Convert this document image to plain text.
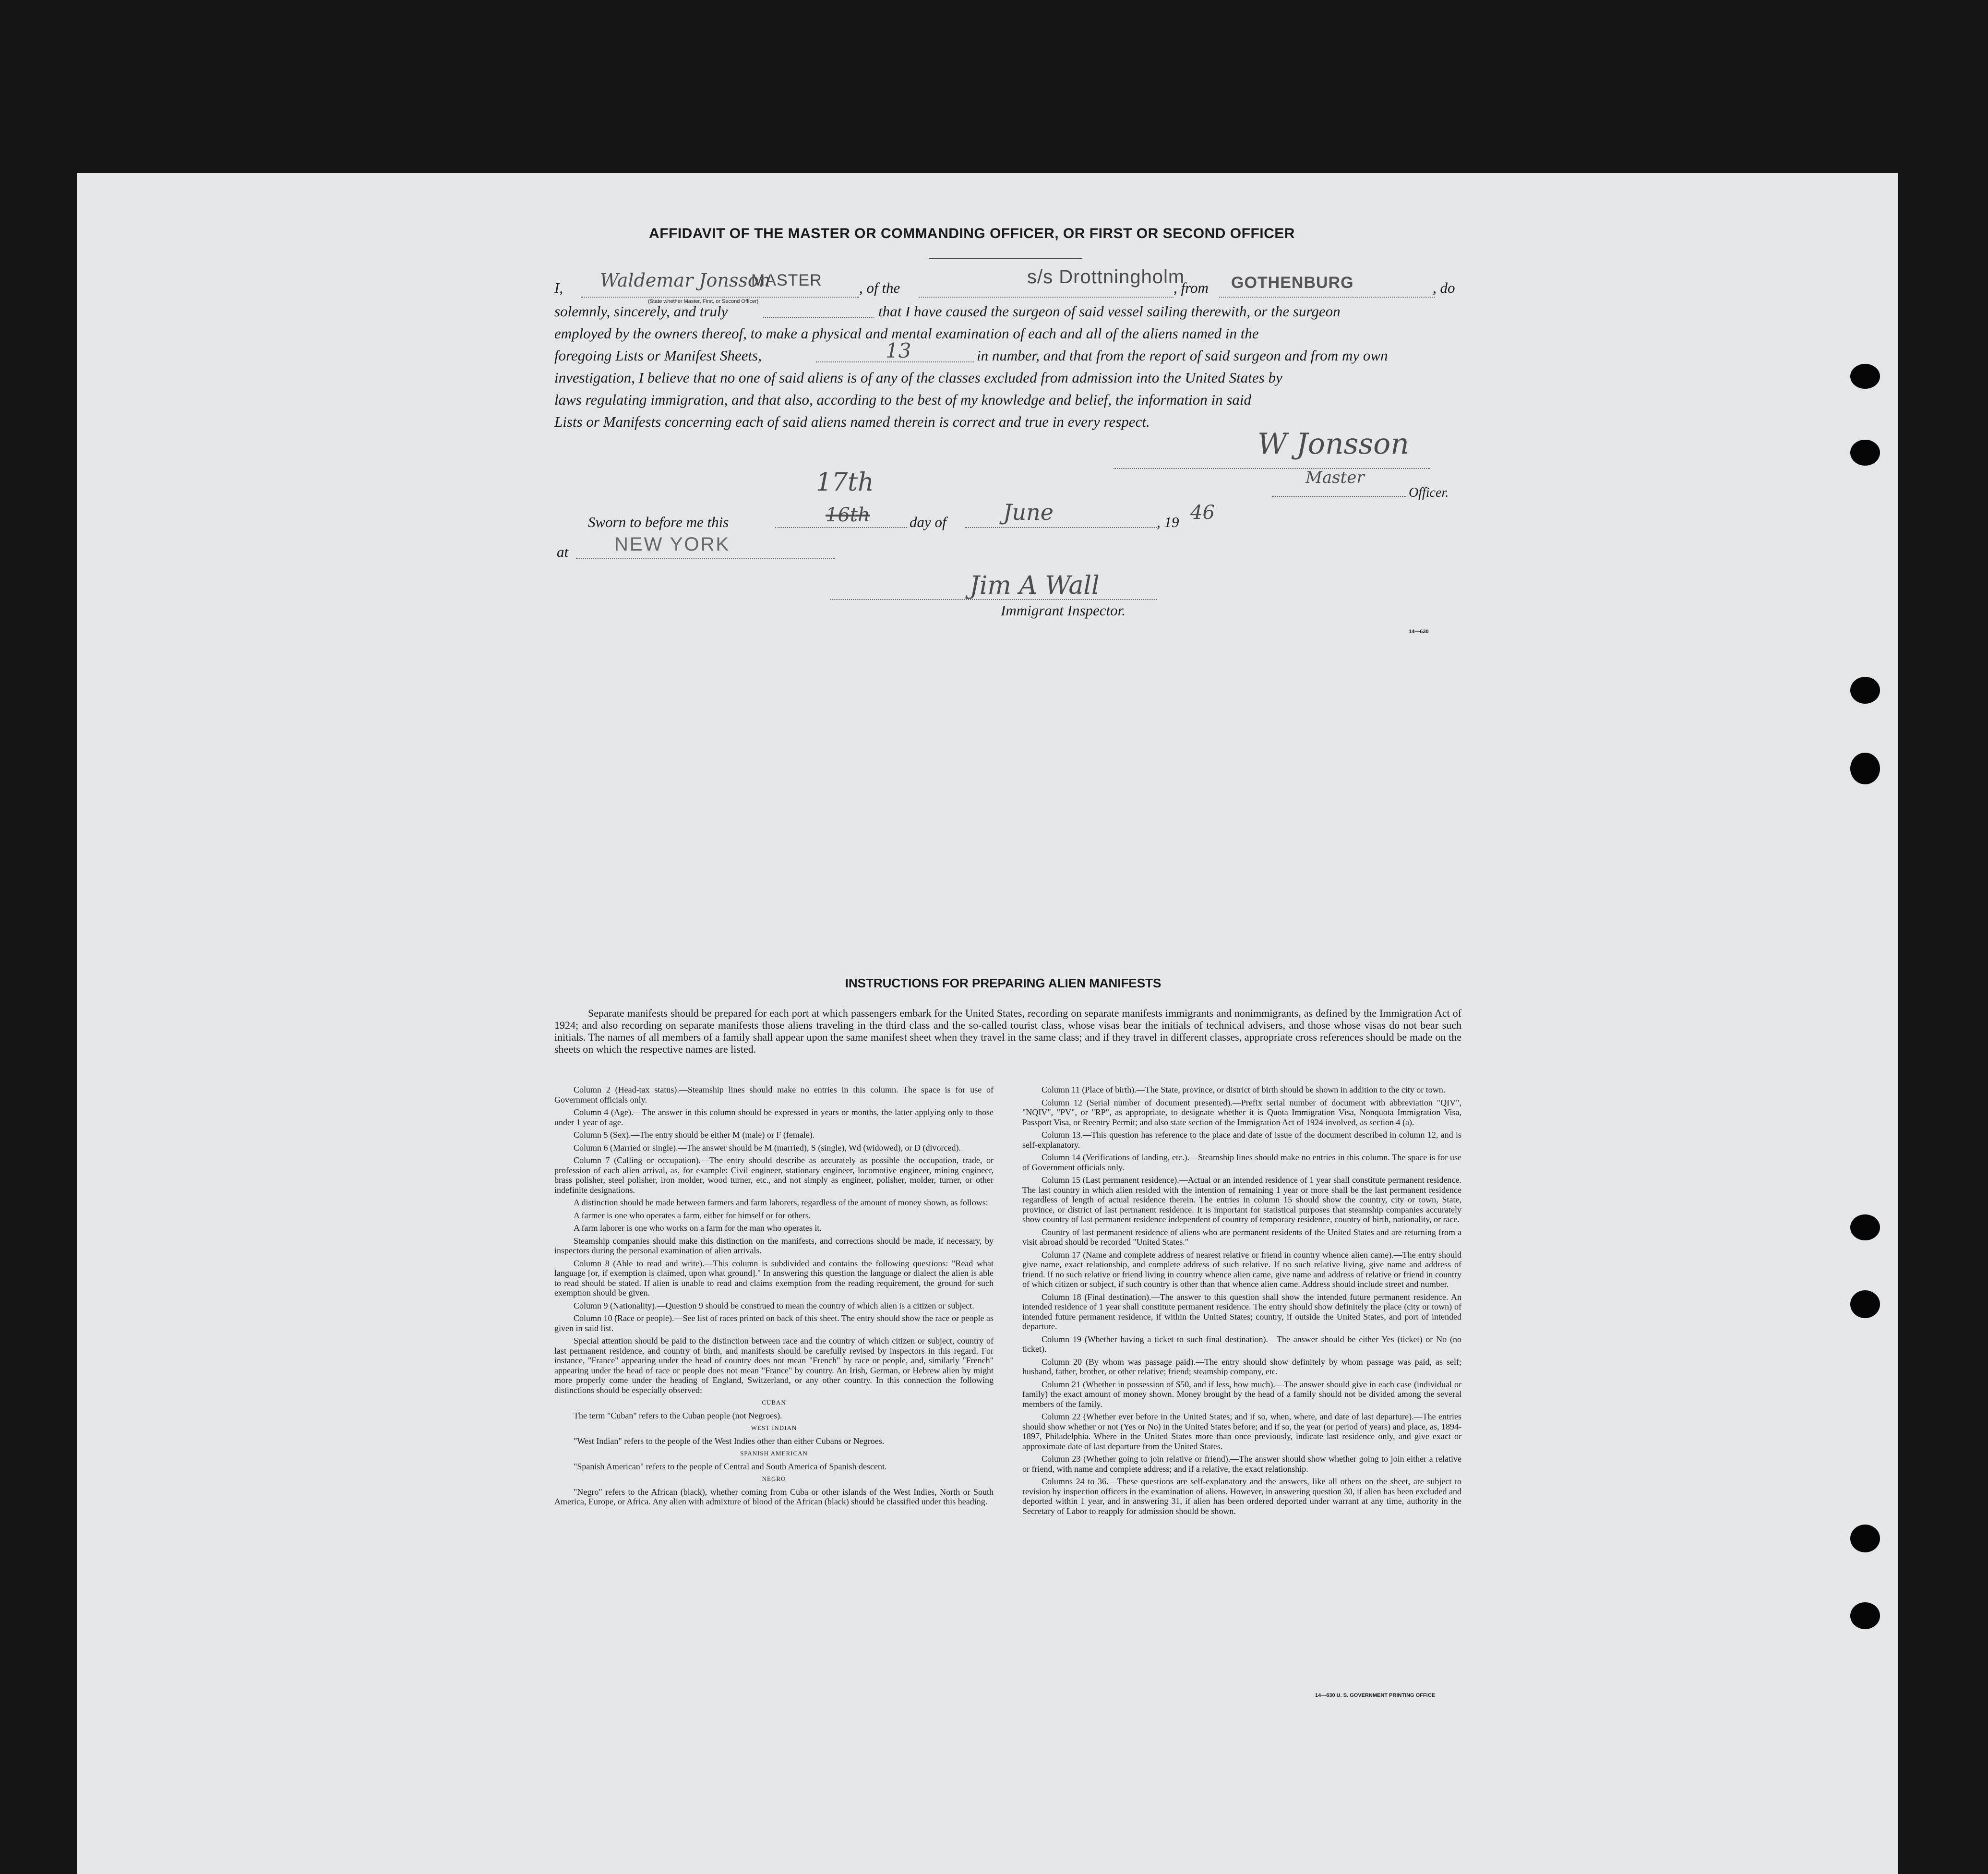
AFFIDAVIT OF THE MASTER OR COMMANDING OFFICER, OR FIRST OR SECOND OFFICER
I, Waldemar Jonsson
MASTER
(State whether Master, First, or Second Officer)
, of the
s/s Drottningholm
, from GOTHENBURG	, do
solemnly, sincerely, and truly	that I have caused the surgeon of said vessel sailing therewith, or the surgeon
employed by the owners thereof, to make a physical and mental examination of each and all of the aliens named in the
foregoing Lists or Manifest Sheets,	13	in number, and that from the report of said surgeon and from my own
investigation, I believe that no one of said aliens is of any of the classes excluded from admission into the United States by
laws regulating immigration, and that also, according to the best of my knowledge and belief, the information in said
Lists or Manifests concerning each of said aliens named therein is correct and true in every respect.
W Jonsson
Master
Officer.
Sworn to before me this	16th
17th
day of	June	, 19 46
at NEW YORK
Jim A Wall
Immigrant Inspector.
14—630
INSTRUCTIONS FOR PREPARING ALIEN MANIFESTS
Separate manifests should be prepared for each port at which passengers embark for the United States, recording on separate manifests immigrants and nonimmigrants, as defined by the Immigration Act of 1924; and also recording on separate manifests those aliens traveling in the third class and the so-called tourist class, whose visas bear the initials of technical advisers, and those whose visas do not bear such initials. The names of all members of a family shall appear upon the same manifest sheet when they travel in the same class; and if they travel in different classes, appropriate cross references should be made on the sheets on which the respective names are listed.

Column 2 (Head-tax status).—Steamship lines should make no entries in this column. The space is for use of Government officials only.

Column 4 (Age).—The answer in this column should be expressed in years or months, the latter applying only to those under 1 year of age.

Column 5 (Sex).—The entry should be either M (male) or F (female).

Column 6 (Married or single).—The answer should be M (married), S (single), Wd (widowed), or D (divorced).

Column 7 (Calling or occupation).—The entry should describe as accurately as possible the occupation, trade, or profession of each alien arrival, as, for example: Civil engineer, stationary engineer, locomotive engineer, mining engineer, brass polisher, steel polisher, iron molder, wood turner, etc., and not simply as engineer, polisher, molder, turner, or other indefinite designations.

A distinction should be made between farmers and farm laborers, regardless of the amount of money shown, as follows:

A farmer is one who operates a farm, either for himself or for others.

A farm laborer is one who works on a farm for the man who operates it.

Steamship companies should make this distinction on the manifests, and corrections should be made, if necessary, by inspectors during the personal examination of alien arrivals.

Column 8 (Able to read and write).—This column is subdivided and contains the following questions: "Read what language [or, if exemption is claimed, upon what ground]." In answering this question the language or dialect the alien is able to read should be stated. If alien is unable to read and claims exemption from the reading requirement, the ground for such exemption should be given.

Column 9 (Nationality).—Question 9 should be construed to mean the country of which alien is a citizen or subject.

Column 10 (Race or people).—See list of races printed on back of this sheet. The entry should show the race or people as given in said list.

Special attention should be paid to the distinction between race and the country of which citizen or subject, country of last permanent residence, and country of birth, and manifests should be carefully revised by inspectors in this regard. For instance, "France" appearing under the head of country does not mean "French" by race or people, and, similarly "French" appearing under the head of race or people does not mean "France" by country. An Irish, German, or Hebrew alien by might more properly come under the heading of England, Switzerland, or any other country. In this connection the following distinctions should be especially observed:

CUBAN

The term "Cuban" refers to the Cuban people (not Negroes).

WEST INDIAN

"West Indian" refers to the people of the West Indies other than either Cubans or Negroes.

SPANISH AMERICAN

"Spanish American" refers to the people of Central and South America of Spanish descent.

NEGRO

"Negro" refers to the African (black), whether coming from Cuba or other islands of the West Indies, North or South America, Europe, or Africa. Any alien with admixture of blood of the African (black) should be classified under this heading.

Column 11 (Place of birth).—The State, province, or district of birth should be shown in addition to the city or town.

Column 12 (Serial number of document presented).—Prefix serial number of document with abbreviation "QIV", "NQIV", "PV", or "RP", as appropriate, to designate whether it is Quota Immigration Visa, Nonquota Immigration Visa, Passport Visa, or Reentry Permit; and also state section of the Immigration Act of 1924 involved, as section 4 (a).

Column 13.—This question has reference to the place and date of issue of the document described in column 12, and is self-explanatory.

Column 14 (Verifications of landing, etc.).—Steamship lines should make no entries in this column. The space is for use of Government officials only.

Column 15 (Last permanent residence).—Actual or an intended residence of 1 year shall constitute permanent residence. The last country in which alien resided with the intention of remaining 1 year or more shall be the last permanent residence regardless of length of actual residence therein. The entries in column 15 should show the country, city or town, State, province, or district of last permanent residence. It is important for statistical purposes that steamship companies accurately show country of last permanent residence independent of country of temporary residence, country of birth, nationality, or race.

Country of last permanent residence of aliens who are permanent residents of the United States and are returning from a visit abroad should be recorded "United States."

Column 17 (Name and complete address of nearest relative or friend in country whence alien came).—The entry should give name, exact relationship, and complete address of such relative. If no such relative living, give name and address of friend. If no such relative or friend living in country whence alien came, give name and address of relative or friend in country of which citizen or subject, if such country is other than that whence alien came. Address should include street and number.

Column 18 (Final destination).—The answer to this question shall show the intended future permanent residence. An intended residence of 1 year shall constitute permanent residence. The entry should show definitely the place (city or town) of intended future permanent residence, if within the United States; country, if outside the United States, and port of intended departure.

Column 19 (Whether having a ticket to such final destination).—The answer should be either Yes (ticket) or No (no ticket).

Column 20 (By whom was passage paid).—The entry should show definitely by whom passage was paid, as self; husband, father, brother, or other relative; friend; steamship company, etc.

Column 21 (Whether in possession of $50, and if less, how much).—The answer should give in each case (individual or family) the exact amount of money shown. Money brought by the head of a family should not be divided among the several members of the family.

Column 22 (Whether ever before in the United States; and if so, when, where, and date of last departure).—The entries should show whether or not (Yes or No) in the United States before; and if so, the year (or period of years) and place, as, 1894-1897, Philadelphia. Where in the United States more than once previously, indicate last residence only, and give exact or approximate date of last departure from the United States.

Column 23 (Whether going to join relative or friend).—The answer should show whether going to join either a relative or friend, with name and complete address; and if a relative, the exact relationship.

Columns 24 to 36.—These questions are self-explanatory and the answers, like all others on the sheet, are subject to revision by inspection officers in the examination of aliens. However, in answering question 30, if alien has been excluded and deported within 1 year, and in answering 31, if alien has been ordered deported under warrant at any time, authority in the Secretary of Labor to reapply for admission should be shown.

14—630 U. S. GOVERNMENT PRINTING OFFICE
